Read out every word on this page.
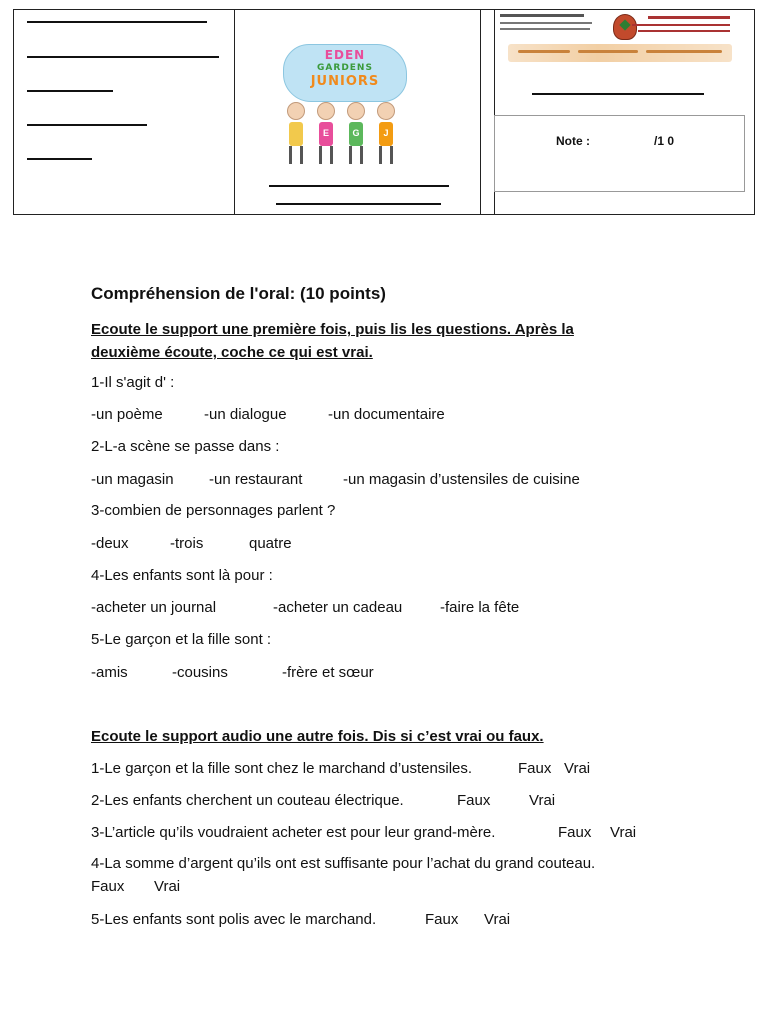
EDEN
GARDENS
JUNIORS
E	G	J
Note :	/1 0
Compréhension de l'oral: (10 points)
Ecoute le support une première fois, puis lis les questions. Après la
deuxième écoute, coche ce qui est vrai.
1-Il s'agit d' :
-un poème	-un dialogue	-un documentaire
2-L-a scène se passe dans :
-un magasin -un restaurant	-un magasin d’ustensiles de cuisine
3-combien de personnages parlent ?
-deux	-trois	quatre
4-Les enfants sont là pour :
-acheter un journal	-acheter un cadeau	-faire la fête
5-Le garçon et la fille sont :
-amis	-cousins	-frère et sœur
Ecoute le support audio une autre fois. Dis si c’est vrai ou faux.
1-Le garçon et la fille sont chez le marchand d’ustensiles.	Faux Vrai
2-Les enfants cherchent un couteau électrique.	Faux	Vrai
3-L’article qu’ils voudraient acheter est pour leur grand-mère.	Faux Vrai
4-La somme d’argent qu’ils ont est suffisante pour l’achat du grand couteau.
Faux Vrai
5-Les enfants sont polis avec le marchand.	Faux Vrai
